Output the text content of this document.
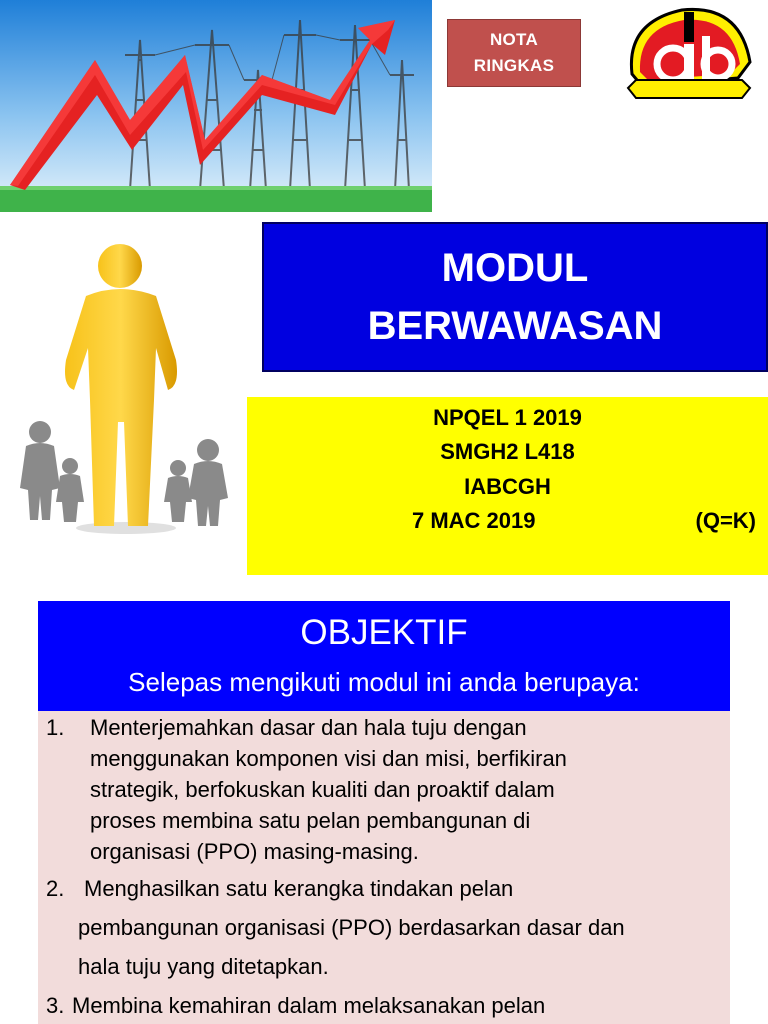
NOTA
RINGKAS
MODUL
BERWAWASAN
NPQEL 1 2019
SMGH2 L418
IABCGH
7 MAC 2019	(Q=K)
OBJEKTIF
Selepas mengikuti modul ini anda berupaya:
1. Menterjemahkan dasar dan hala tuju dengan
menggunakan komponen visi dan misi, berfikiran
strategik, berfokuskan kualiti dan proaktif dalam
proses membina satu pelan pembangunan di
organisasi (PPO) masing-masing.
2. Menghasilkan satu kerangka tindakan pelan
pembangunan organisasi (PPO) berdasarkan dasar dan
hala tuju yang ditetapkan.
3. Membina kemahiran dalam melaksanakan pelan
